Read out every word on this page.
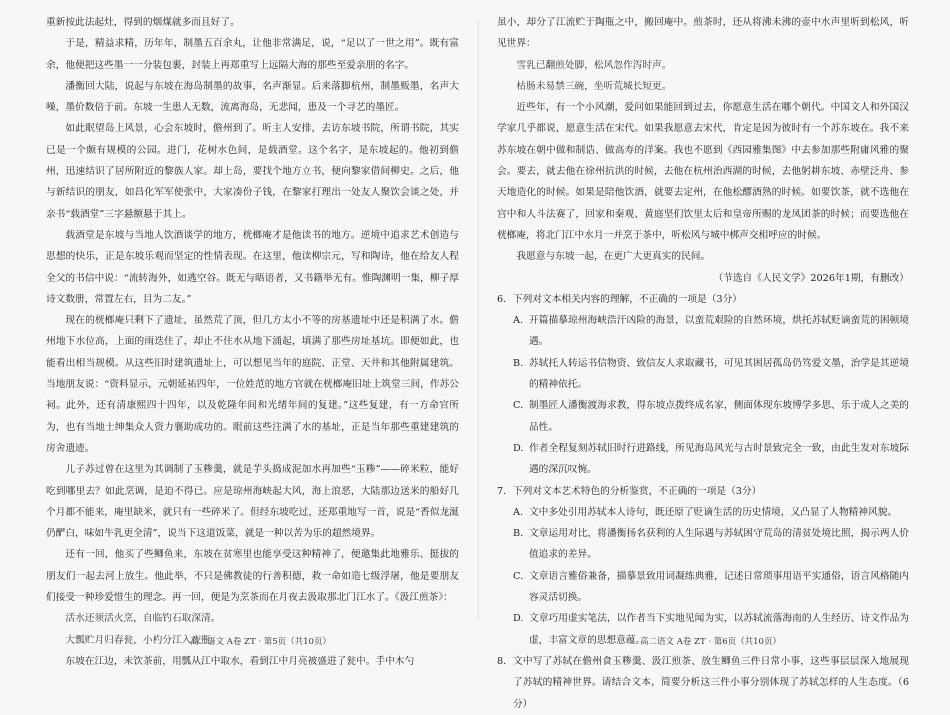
重新按此法起灶，得到的烟煤就多而且好了。

于是，精益求精，历年年，制墨五百余丸，让他非常满足，说，“足以了一世之用”。既有富余，他便把这些墨一一分装包裹，封装上再郑重写上远隔大海的那些至爱亲朋的名字。

潘衡回大陆，说起与东坡在海岛制墨的故事，名声渐显。后来落脚杭州，制墨贩墨，名声大噪，墨价数倍于前。东坡一生患人无数，流离海岛，无悲闻，患及一个寻艺的墨匠。

如此眠望岛上风景，心会东坡时，儋州到了。听主人安排，去访东坡书院，所谓书院，其实已是一个颇有规模的公园。进门，花树水色间，是载酒堂。这个名字，是东坡起的。他初到儋州，迅速结识了居所附近的黎族人家。却上岛，要找个地方立书，便向黎家借间柳史。之后，他与新结识的朋友，如昌化军军使张中，大家凑份子钱，在黎家打理出一处友人聚饮会谈之处，并亲书“载酒堂”三字悬额悬于其上。

载酒堂是东坡与当地人饮酒谈学的地方，桄榔庵才是他读书的地方。逆境中追求艺术创造与思想的快乐，正是东坡乐观而坚定的性情表现。在这里，他读柳宗元，写和陶诗，他在给友人程全父的书信中说：“流转海外，如逃空谷。既无与晤语者，又书籍举无有。惟陶渊明一集，柳子厚诗文数册，常置左右，目为二友。”

现在的桄榔庵只剩下了遗址，虽然荒了顶，但几方太小不等的房基遗址中还是积满了水。儋州地下水位高，上面的雨迭住了，却止不住水从地下涌起，填满了那些房址基坑。即便如此，也能看出相当规模。从这些旧时建筑遗址上，可以想见当年的庭院、正堂、天井和其他附属建筑。当地朋友说：“资料显示，元朝延祐四年，一位姓范的地方官就在桄榔庵旧址上筑堂三间，作苏公祠。此外，还有清康熙四十四年，以及乾隆年间和光绪年间的复建。”这些复建，有一方命官所为，也有当地士绅集众人资力襄助成功的。眼前这些注满了水的基址，正是当年那些重建建筑的房舍遗迹。

儿子苏过曾在这里为其调制了玉糁羹，就是芋头捣成泥加水再加些“玉糁”——碎米粒，能好吃到哪里去？如此烹调，是迫不得已。应是琼州海峡起大风，海上浪恶，大陆那边送米的船好几个月都不能来，庵里缺米，就只有一些碎米了。但经东坡吃过，还郑重地写一首，说是“香似龙涎仍酽白，味如牛乳更全清”，说当下这道饭菜，就是一种以苦为乐的超然境界。

还有一回，他买了些鲫鱼来，东坡在贫寒里也能享受这种精神了，便邀集此地雅乐、挺拔的朋友们一起去河上放生。他此举，不只是佛教徒的行善积德，救一命如造七级浮屠，他是要朋友们接受一种珍爱惜生的理念。再一回，便是为烹茶而在月夜去汲取那北门江水了。《汲江煎茶》：

活水还须活火烹，自临钓石取深清。

大瓢贮月归春瓮，小杓分江入夜瓶。

东坡在江边，未饮茶前，用瓢从江中取水，看到江中月亮被盛进了瓮中。手中木勺

虽小，却分了江流贮于陶瓶之中，搬回庵中。煎茶时，还从将沸未沸的壶中水声里听到松风，听见世界：

雪乳已翻煎处脚，松风忽作泻时声。

枯肠未易禁三碗，坐听荒城长短更。

近些年，有一个小风潮，爱问如果能回到过去，你愿意生活在哪个朝代。中国文人和外国汉学家几乎都说，愿意生活在宋代。如果我愿意去宋代，肯定是因为彼时有一个苏东坡在。我不来苏东坡在朝中做和制诰、做高寿的洋案。我也不愿到《西园雅集图》中去参加那些附庸风雅的聚会。要去，就去他在徐州抗洪的时候，去他在杭州治西湖的时候，去他躬耕东坡、赤壁泛舟、参天地造化的时候。如果是陪他饮酒，就要去定州，在他松醪酒熟的时候。如要饮茶，就不选他在宫中和人斗法赛了，回家和秦观、黄庭坚们饮里太后和皇帝所赐的龙凤团茶的时候；而要选他在桄榔庵，将北门江中水月一并烹于茶中，听松风与城中梆声交相呼应的时候。

我愿意与东坡一起，在更广大更真实的民间。

（节选自《人民文学》2026年1期，有删改）

6. 下列对文本相关内容的理解，不正确的一项是（3分）
A. 开篇描摹琼州海峡浩汗凶险的海景，以蛮荒艰险的自然环境，烘托苏轼贬谪蛮荒的困顿境遇。
B. 苏轼托人转运书信物资、致信友人求取藏书，可见其困居孤岛仍笃爱文墨，治学是其逆境的精神依托。
C. 制墨匠人潘衡渡海求教，得东坡点拨终成名家，侧面体现东坡博学多思、乐于成人之美的品性。
D. 作者全程复刻苏轼旧时行进路线，所见海岛风光与古时景致完全一致，由此生发对东坡际遇的深沉叹惋。
7. 下列对文本艺术特色的分析鉴赏，不正确的一项是（3分）
A. 文中多处引用苏轼本人诗句，既还原了贬谪生活的历史情境，又凸显了人物精神风貌。
B. 文章运用对比，将潘衡扬名获利的人生际遇与苏轼困守荒岛的清贫处境比照，揭示两人价值追求的差异。
C. 文章语言雅俗兼备，描摹景致用词凝练典雅，记述日常琐事用语平实通俗，语言风格随内容灵活切换。
D. 文章巧用虚实笔法，以作者当下实地见闻为实，以苏轼流落海南的人生经历、诗文作品为虚，丰富文章的思想意蕴。
8. 文中写了苏轼在儋州食玉糁羹、汲江煎茶、放生鲫鱼三件日常小事，这些事层层深入地展现了苏轼的精神世界。请结合文本，简要分析这三件小事分别体现了苏轼怎样的人生态度。（6分）
高二语文 A卷 ZT · 第5页（共10页）	高二语文 A卷 ZT · 第6页（共10页）
